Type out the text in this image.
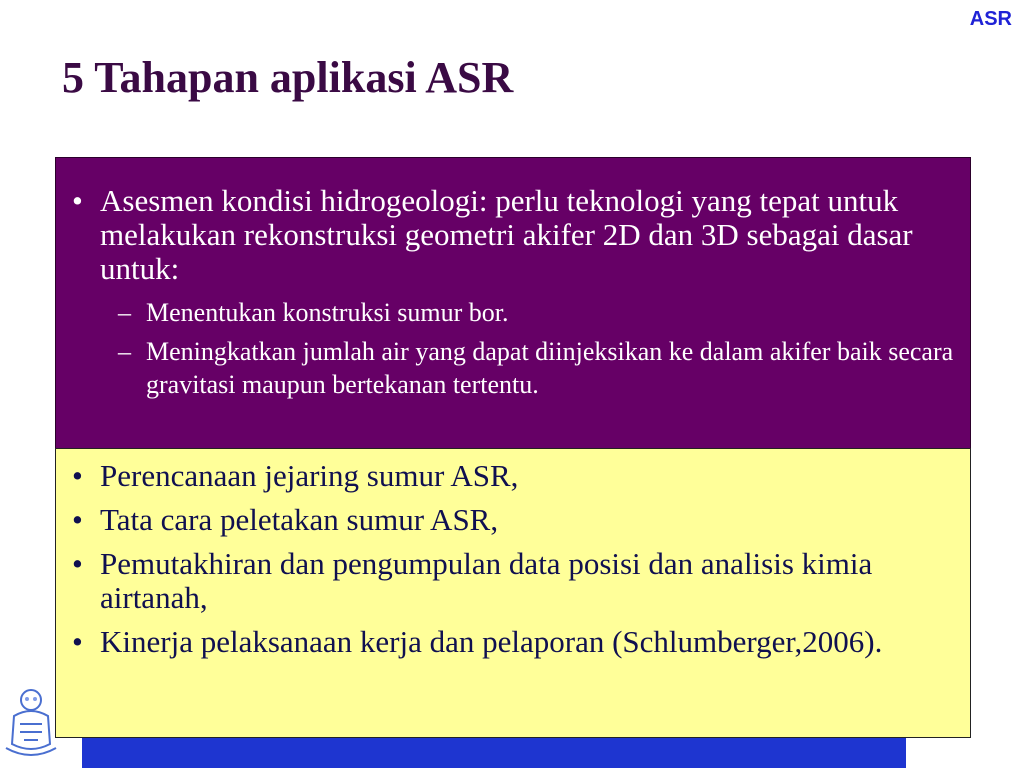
ASR
5 Tahapan aplikasi ASR
• Asesmen kondisi hidrogeologi: perlu teknologi yang tepat untuk melakukan rekonstruksi geometri akifer 2D dan 3D sebagai dasar untuk:
– Menentukan konstruksi sumur bor.
– Meningkatkan jumlah air yang dapat diinjeksikan ke dalam akifer baik secara gravitasi maupun bertekanan tertentu.
• Perencanaan jejaring sumur ASR,
• Tata cara peletakan sumur ASR,
• Pemutakhiran dan pengumpulan data posisi dan analisis kimia airtanah,
• Kinerja pelaksanaan kerja dan pelaporan (Schlumberger,2006).
